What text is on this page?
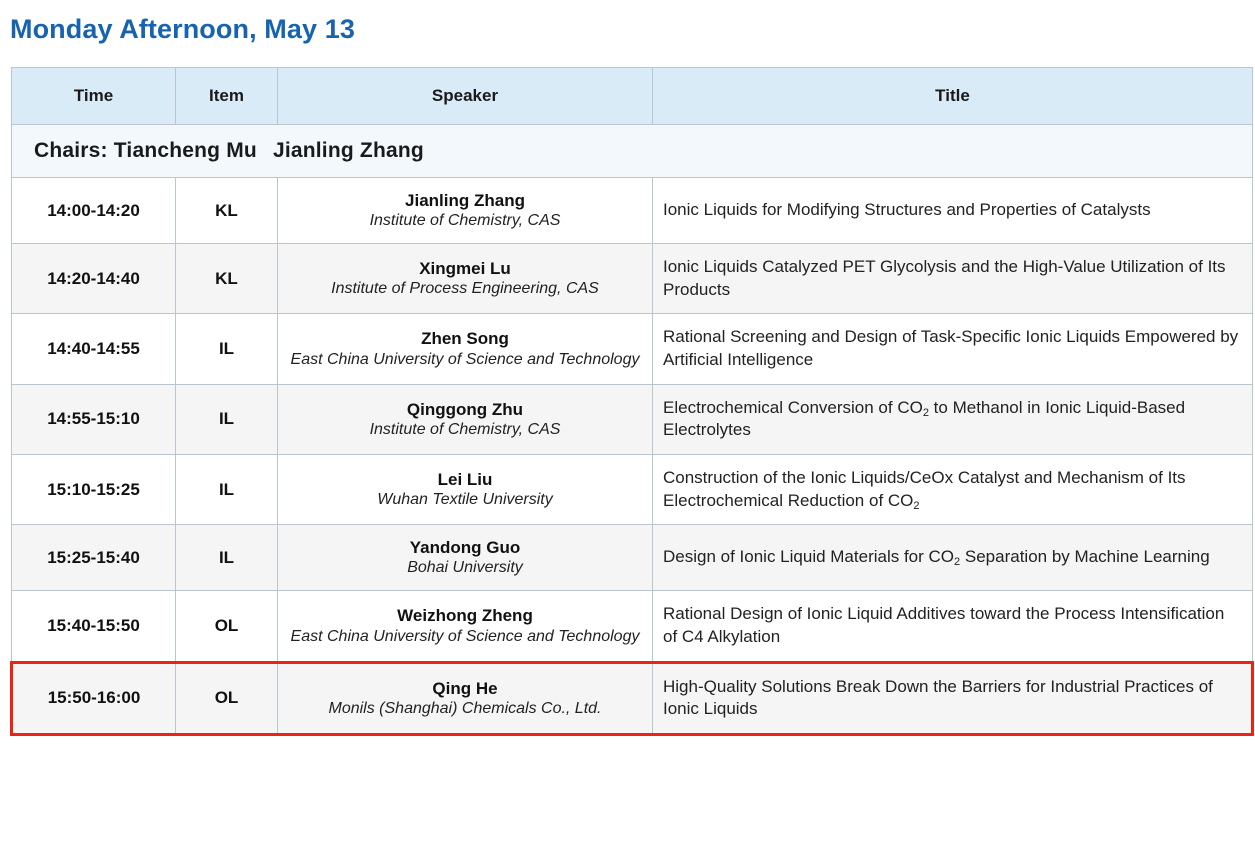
Monday Afternoon, May 13
Time	Item	Speaker	Title
Chairs: Tiancheng Mu Jianling Zhang			
14:00-14:20	KL	Jianling Zhang
Institute of Chemistry, CAS	Ionic Liquids for Modifying Structures and Properties of Catalysts
14:20-14:40	KL	Xingmei Lu
Institute of Process Engineering, CAS	Ionic Liquids Catalyzed PET Glycolysis and the High-Value Utilization of Its Products
14:40-14:55	IL	Zhen Song
East China University of Science and Technology	Rational Screening and Design of Task-Specific Ionic Liquids Empowered by Artificial Intelligence
14:55-15:10	IL	Qinggong Zhu
Institute of Chemistry, CAS	Electrochemical Conversion of $CO_2$ to Methanol in Ionic Liquid-Based Electrolytes
15:10-15:25	IL	Lei Liu
Wuhan Textile University	Construction of the Ionic Liquids/CeOx Catalyst and Mechanism of Its Electrochemical Reduction of $CO_2$
15:25-15:40	IL	Yandong Guo
Bohai University	Design of Ionic Liquid Materials for $CO_2$ Separation by Machine Learning
15:40-15:50	OL	Weizhong Zheng
East China University of Science and Technology	Rational Design of Ionic Liquid Additives toward the Process Intensification of C4 Alkylation
15:50-16:00	OL	Qing He
Monils (Shanghai) Chemicals Co., Ltd.	High-Quality Solutions Break Down the Barriers for Industrial Practices of Ionic Liquids
